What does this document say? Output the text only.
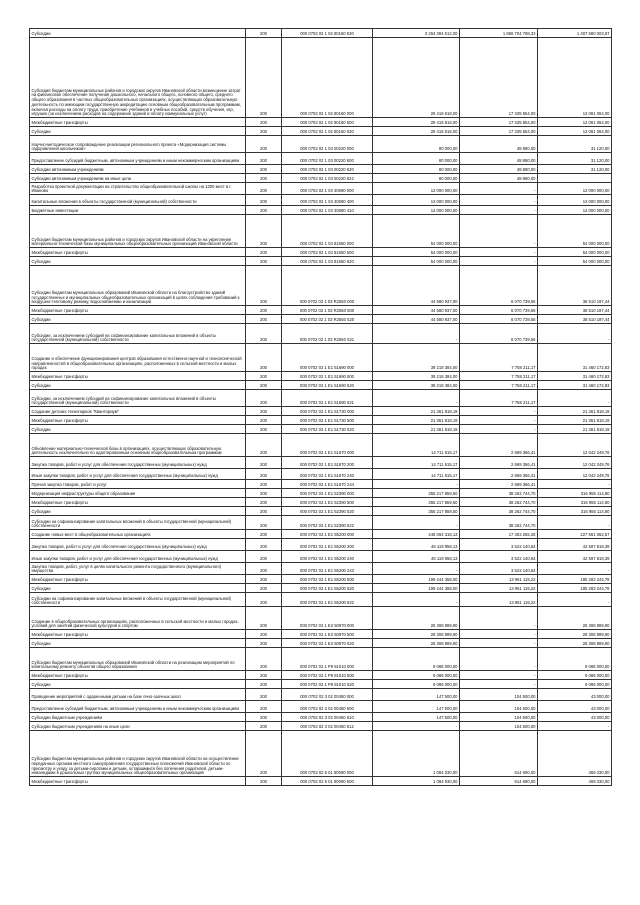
Субсидии	200	000 0702 02 1 02 80150 530	3 264 384 612,00	1 856 704 798,33	1 407 680 003,67
Субсидия бюджетам муниципальных районов и городских округов Ивановской области возмещение затрат на финансовое обеспечение получения дошкольного, начального общего, основного общего, среднего общего образования в частных общеобразовательных организациях, осуществляющих образовательную деятельность по имеющим государственную аккредитацию основным общеобразовательным программам, включая расходы на оплату труда, приобретение учебников и учебных пособий, средств обучения, игр, игрушек (за исключением расходов на содержание зданий и оплату коммунальных услуг)	200	000 0702 02 1 02 80160 000	29 418 618,00	17 335 554,00	12 081 064,00
Межбюджетные трансферты	200	000 0702 02 1 02 80160 500	29 416 618,00	17 335 554,00	12 081 064,00
Субсидии	200	000 0702 02 1 02 80160 530	29 416 618,00	17 335 554,00	12 081 064,00
Научно-методическое сопровождение реализации регионального проекта «Модернизация системы оздоровления школьников»	200	000 0702 02 1 03 00220 000	80 000,00	48 880,00	31 120,00
Предоставление субсидий бюджетным, автономным учреждениям и иным некоммерческим организациям	200	000 0702 02 1 03 00220 600	80 000,00	48 880,00	31 120,00
Субсидии автономным учреждениям	200	000 0702 02 1 03 00220 620	80 000,00	48 880,00	31 120,00
Субсидии автономным учреждениям на иные цели	200	000 0702 02 1 03 00220 622	80 000,00	48 880,00	
Разработка проектной документации на строительство общеобразовательной школы на 1200 мест в г. Иваново	200	000 0702 02 1 03 40690 000	12 000 000,00	-	12 000 000,00
Капитальные вложения в объекты государственной (муниципальной) собственности	200	000 0702 02 1 03 40690 400	12 000 000,00	-	12 000 000,00
Бюджетные инвестиции	200	000 0702 02 1 03 40690 410	12 000 000,00	-	12 000 000,00
Субсидия бюджетам муниципальных районов и городских округов Ивановской области на укрепление материально-технической базы муниципальных общеобразовательных организаций Ивановской области	200	000 0702 02 1 03 81650 000	54 000 000,00	-	54 000 000,00
Межбюджетные трансферты	200	000 0702 02 1 03 81650 500	54 000 000,00	-	54 000 000,00
Субсидии	200	000 0702 02 1 03 81650 520	54 000 000,00	-	54 000 000,00
Субсидии бюджетам муниципальных образований Ивановской области на благоустройство зданий государственных и муниципальных общеобразовательных организаций в целях соблюдения требований к воздушно-тепловому режиму, водоснабжению и канализации	200	000 0702 02 1 03 R2550 000	44 580 937,00	6 070 739,56	38 510 197,44
Межбюджетные трансферты	200	000 0702 02 1 03 R2550 500	44 580 937,00	6 070 739,56	38 510 197,44
Субсидии	200	000 0702 02 1 03 R2550 520	44 580 937,00	6 070 739,56	38 510 197,44
Субсидии, за исключением субсидий на софинансирование капитальных вложений в объекты государственной (муниципальной) собственности	200	000 0702 02 1 03 R2550 521	-	6 070 739,56	-
Создание и обеспечение функционирования центров образования естественно-научной и технологической направленностей в общеобразовательных организациях, расположенных в сельской местности и малых городах	200	000 0702 02 1 E1 51690 000	39 218 384,00	7 758 211,17	31 460 172,83
Межбюджетные трансферты	200	000 0702 02 1 E1 51690 500	39 218 384,00	7 758 211,17	31 460 172,83
Субсидии	200	000 0702 02 1 E1 51690 520	39 218 384,00	7 758 211,17	31 460 172,83
Субсидии, за исключением субсидий на софинансирование капитальных вложений в объекты государственной (муниципальной) собственности	200	000 0702 02 1 E1 51690 521	-	7 758 211,17	-
Создание детских технопарков "Кванториум"	200	000 0702 02 1 E1 51730 000	21 361 818,19	-	21 361 818,19
Межбюджетные трансферты	200	000 0702 02 1 E1 51730 500	21 361 818,19	-	21 361 818,19
Субсидии	200	000 0702 02 1 E1 51730 520	21 361 818,19	-	21 361 818,19
Обновление материально-технической базы в организациях, осуществляющих образовательную деятельность исключительно по адаптированным основным общеобразовательным программам	200	000 0702 02 1 E1 51870 000	14 711 615,17	2 669 366,41	12 042 249,76
Закупка товаров, работ и услуг для обеспечения государственных (муниципальных) нужд	200	000 0702 02 1 E1 51870 200	14 711 615,17	2 669 366,41	12 042 249,76
Иные закупки товаров, работ и услуг для обеспечения государственных (муниципальных) нужд	200	000 0702 02 1 E1 51870 240	14 711 615,17	2 669 366,41	12 042 249,76
Прочая закупка товаров, работ и услуг	200	000 0702 02 1 E1 51870 244	-	2 669 366,41	-
Модернизация инфраструктуры общего образования	200	000 0702 02 1 E1 52390 000	355 217 859,50	38 262 744,70	316 955 114,80
Межбюджетные трансферты	200	000 0702 02 1 E1 52390 500	355 217 859,50	38 262 744,70	316 955 114,80
Субсидии	200	000 0702 02 1 E1 52390 520	355 217 859,50	38 262 744,70	316 955 114,80
Субсидии на софинансирование капитальных вложений в объекты государственной (муниципальной) собственности	200	000 0702 02 1 E1 52390 522	-	38 262 744,70	-
Создание новых мест в общеобразовательных организациях	200	000 0702 02 1 E1 55200 000	245 064 316,13	17 403 255,28	227 661 062,57
Закупка товаров, работ и услуг для обеспечения государственных (муниципальных) нужд	200	000 0702 02 1 E1 55200 200	46 119 958,13	3 522 140,64	42 597 818,39
Иные закупки товаров, работ и услуг для обеспечения государственных (муниципальных) нужд	200	000 0702 02 1 E1 55200 240	46 119 958,13	3 522 140,64	42 597 818,39
Закупка товаров, работ, услуг в целях капитального ремонта государственного (муниципального) имущества	200	000 0702 02 1 E1 55200 243	-	3 522 140,64	-
Межбюджетные трансферты	200	000 0702 02 1 E1 55200 500	199 244 358,00	13 961 115,22	185 283 244,78
Субсидии	200	000 0702 02 1 E1 55200 520	199 244 358,00	13 961 115,22	185 283 244,78
Субсидии на софинансирование капитальных вложений в объекты государственной (муниципальной) собственности	200	000 0702 02 1 E1 55200 522	-	13 961 115,22	-
Создание в общеобразовательных организациях, расположенных в сельской местности и малых городах, условий для занятий физической культурой и спортом	200	000 0702 02 1 E2 50970 000	26 308 989,90	-	26 308 989,90
Межбюджетные трансферты	200	000 0702 02 1 E2 50970 500	26 308 989,90	-	26 308 989,90
Субсидии	200	000 0702 02 1 E2 50970 520	26 308 989,90	-	26 308 989,90
Субсидии бюджетам муниципальных образований Ивановской области на реализацию мероприятий по капитальному ремонту объектов общего образования	200	000 0702 02 1 Р9 81010 000	9 086 000,00	-	9 086 000,00
Межбюджетные трансферты	200	000 0702 02 1 Р9 81010 500	9 086 000,00	-	9 086 000,00
Субсидии	200	000 0702 02 1 Р9 81010 520	9 086 000,00	-	9 086 000,00
Проведение мероприятий с одаренными детьми на базе очно-заочных школ	200	000 0702 02 3 02 00450 000	147 500,00	104 500,00	43 000,00
Предоставление субсидий бюджетным, автономным учреждениям и иным некоммерческим организациям	200	000 0702 02 3 02 00450 600	147 500,00	104 500,00	43 000,00
Субсидии бюджетным учреждениям	200	000 0702 02 3 02 00450 610	147 500,00	104 500,00	43 000,00
Субсидии бюджетным учреждениям на иные цели	200	000 0702 02 3 02 00450 612	-	104 500,00	-
Субсидии бюджетам муниципальных районов и городских округов Ивановской области на осуществление переданных органам местного самоуправления государственных полномочий Ивановской области по присмотру и уходу за детьми-сиротами и детьми, оставшимися без попечения родителей, детьми-инвалидами в дошкольных группах муниципальных общеобразовательных организаций	200	000 0702 02 5 01 80090 000	1 084 030,00	614 690,00	469 330,00
Межбюджетные трансферты	200	000 0702 02 5 01 80090 500	1 084 030,00	614 690,00	469 330,00
